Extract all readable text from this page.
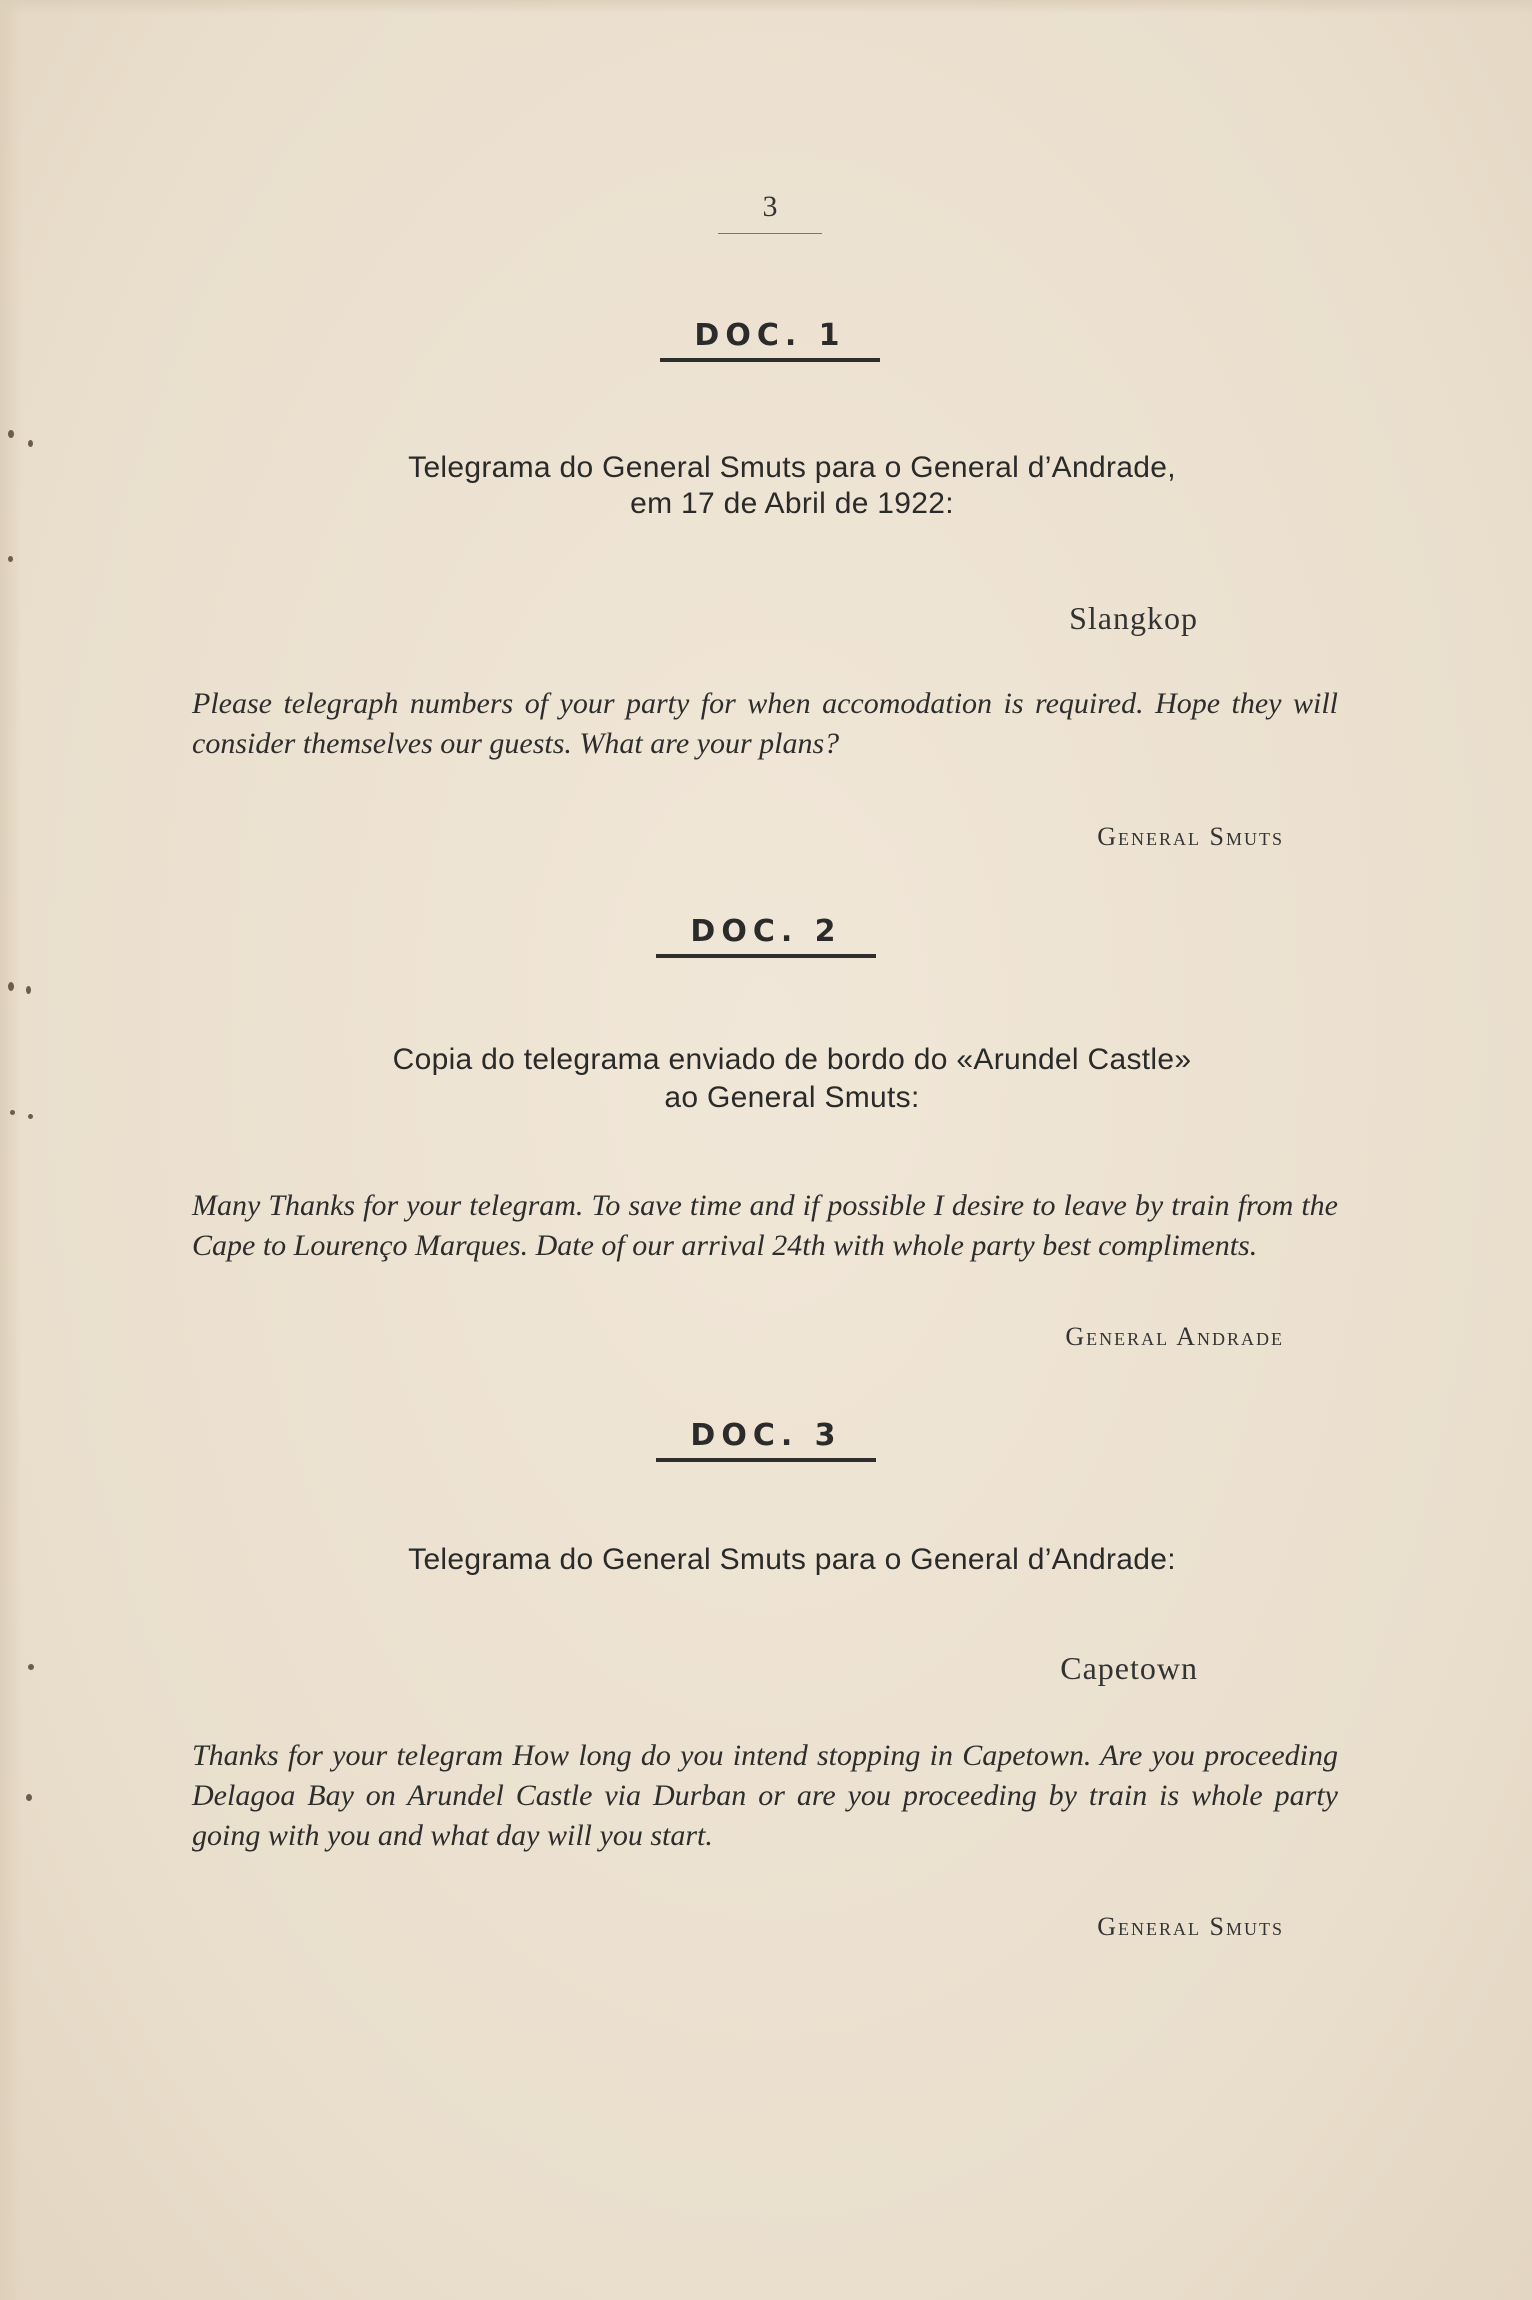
3
DOC. 1
Telegrama do General Smuts para o General d’Andrade,
em 17 de Abril de 1922:
Slangkop
Please telegraph numbers of your party for when accomodation is required. Hope they will consider themselves our guests. What are your plans?
General Smuts
DOC. 2
Copia do telegrama enviado de bordo do «Arundel Castle»
ao General Smuts:
Many Thanks for your telegram. To save time and if possible I desire to leave by train from the Cape to Lourenço Marques. Date of our arrival 24th with whole party best compliments.
General Andrade
DOC. 3
Telegrama do General Smuts para o General d’Andrade:
Capetown
Thanks for your telegram How long do you intend stopping in Capetown. Are you proceeding Delagoa Bay on Arundel Castle via Durban or are you proceeding by train is whole party going with you and what day will you start.
General Smuts
